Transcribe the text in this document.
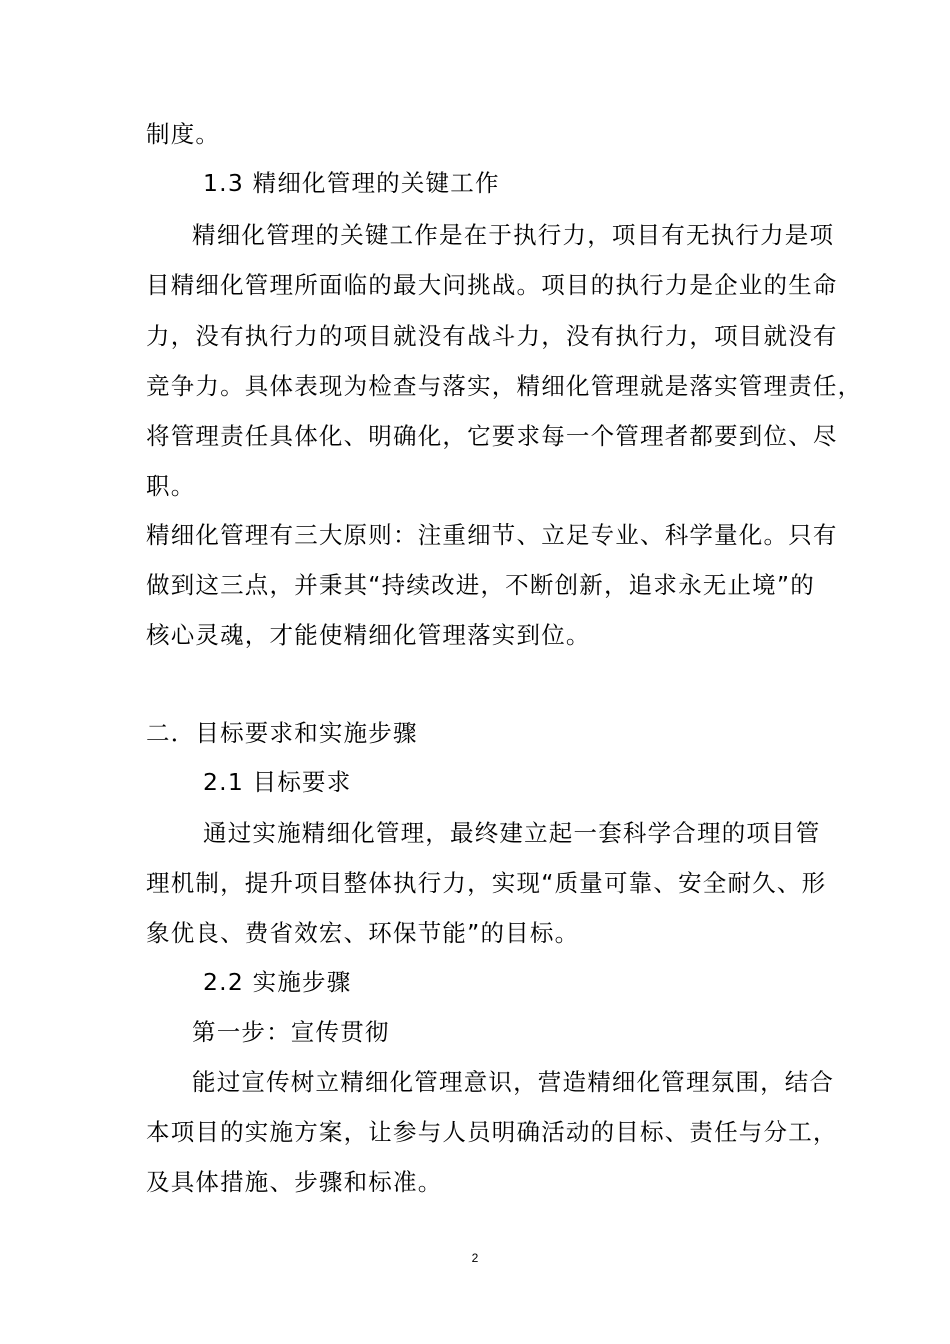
制度。
1.3 精细化管理的关键工作
精细化管理的关键工作是在于执行力，项目有无执行力是项
目精细化管理所面临的最大问挑战。项目的执行力是企业的生命
力，没有执行力的项目就没有战斗力，没有执行力，项目就没有
竞争力。具体表现为检查与落实，精细化管理就是落实管理责任，
将管理责任具体化、明确化，它要求每一个管理者都要到位、尽
职。
精细化管理有三大原则：注重细节、立足专业、科学量化。只有
做到这三点，并秉其“持续改进，不断创新，追求永无止境”的
核心灵魂，才能使精细化管理落实到位。
二．目标要求和实施步骤
2.1 目标要求
通过实施精细化管理，最终建立起一套科学合理的项目管
理机制，提升项目整体执行力，实现“质量可靠、安全耐久、形
象优良、费省效宏、环保节能”的目标。
2.2 实施步骤
第一步：宣传贯彻
能过宣传树立精细化管理意识，营造精细化管理氛围，结合
本项目的实施方案，让参与人员明确活动的目标、责任与分工，
及具体措施、步骤和标准。
2
